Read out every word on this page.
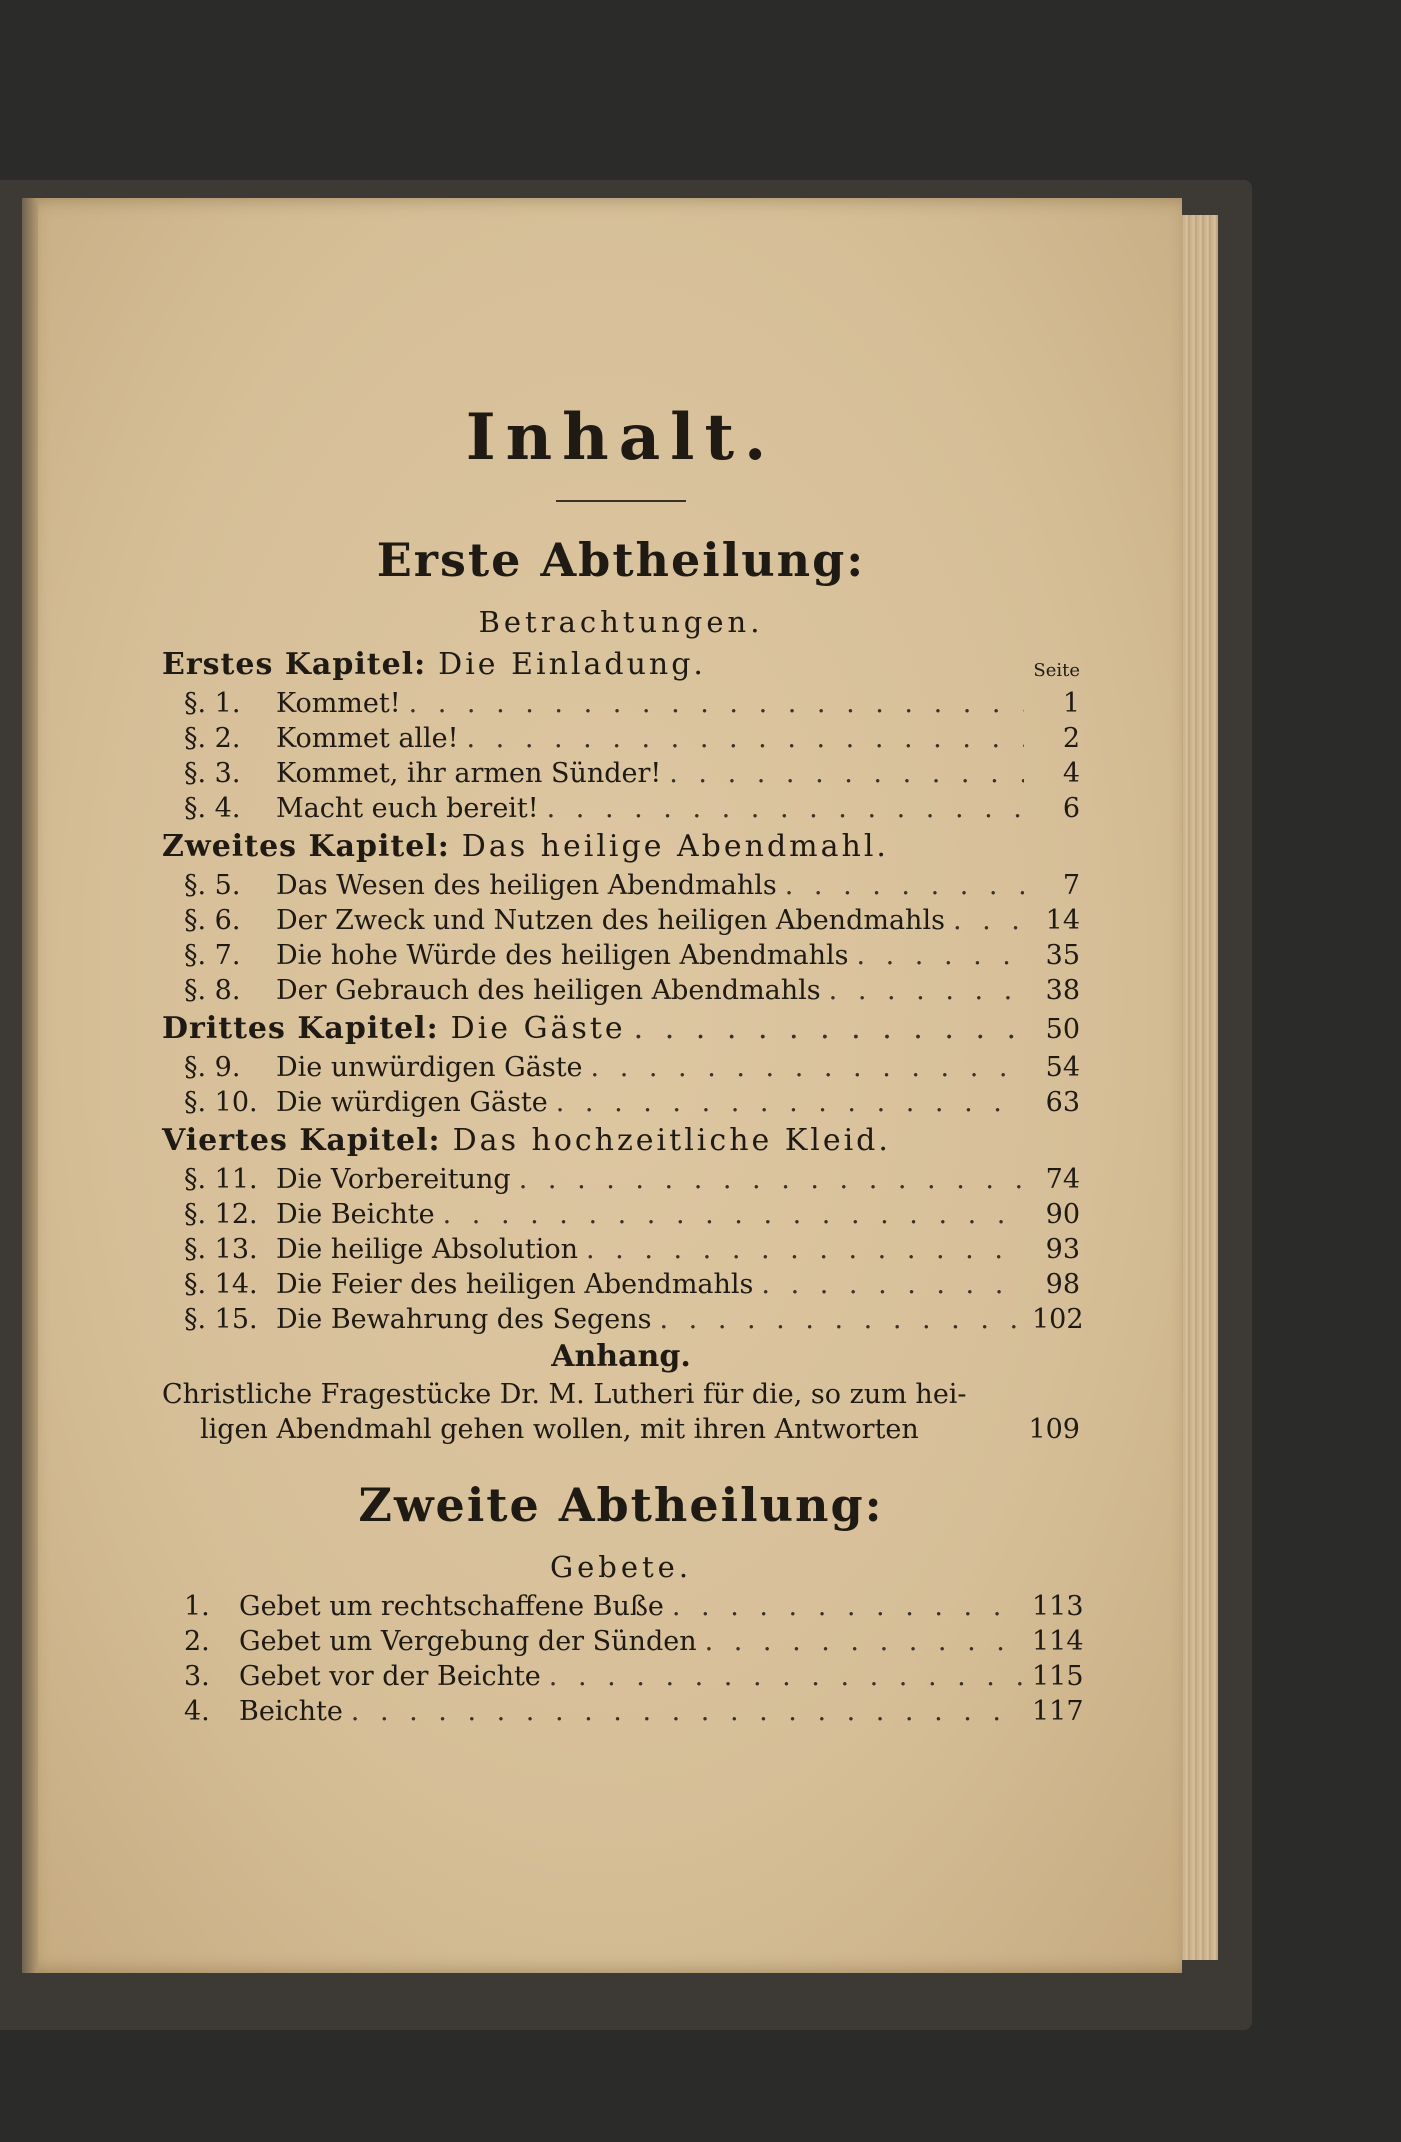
Inhalt.
Erste Abtheilung:
Betrachtungen.
Erstes Kapitel: Die Einladung.	Seite
§. 1.	Kommet! . . .	1
§. 2.	Kommet alle! . . .	2
§. 3.	Kommet, ihr armen Sünder! . . .	4
§. 4.	Macht euch bereit! . . .	6
Zweites Kapitel: Das heilige Abendmahl.
§. 5.	Das Wesen des heiligen Abendmahls . . .	7
§. 6.	Der Zweck und Nutzen des heiligen Abendmahls . . .	14
§. 7.	Die hohe Würde des heiligen Abendmahls . . .	35
§. 8.	Der Gebrauch des heiligen Abendmahls . . .	38
Drittes Kapitel: Die Gäste . . .	50
§. 9.	Die unwürdigen Gäste . . .	54
§. 10. Die würdigen Gäste . . .	63
Viertes Kapitel: Das hochzeitliche Kleid.
§. 11. Die Vorbereitung . . .	74
§. 12. Die Beichte . . .	90
§. 13. Die heilige Absolution . . .	93
§. 14. Die Feier des heiligen Abendmahls . . .	98
§. 15. Die Bewahrung des Segens . . .	102
Anhang.
Christliche Fragestücke Dr. M. Lutheri für die, so zum hei-
ligen Abendmahl gehen wollen, mit ihren Antworten	109
Zweite Abtheilung:
Gebete.
1.	Gebet um rechtschaffene Buße . . .	113
2.	Gebet um Vergebung der Sünden . . .	114
3.	Gebet vor der Beichte . . .	115
4.	Beichte . . .	117
